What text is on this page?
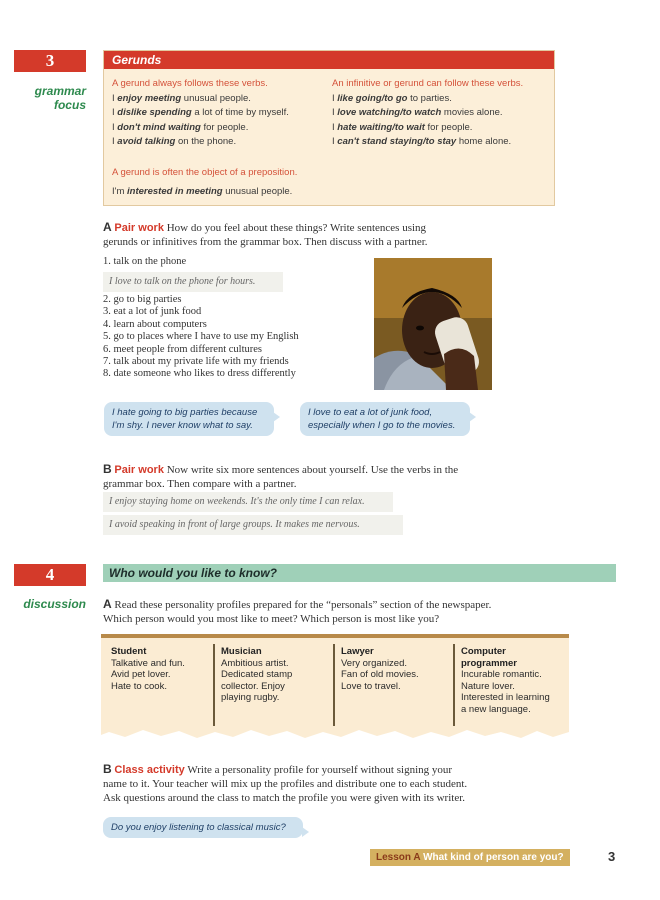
3
grammar
focus
Gerunds
A gerund always follows these verbs.
I enjoy meeting unusual people.
I dislike spending a lot of time by myself.
I don't mind waiting for people.
I avoid talking on the phone.
An infinitive or gerund can follow these verbs.
I like going/to go to parties.
I love watching/to watch movies alone.
I hate waiting/to wait for people.
I can't stand staying/to stay home alone.
A gerund is often the object of a preposition.
I'm interested in meeting unusual people.
A Pair work How do you feel about these things? Write sentences using
gerunds or infinitives from the grammar box. Then discuss with a partner.
1. talk on the phone
I love to talk on the phone for hours.
2. go to big parties
3. eat a lot of junk food
4. learn about computers
5. go to places where I have to use my English
6. meet people from different cultures
7. talk about my private life with my friends
8. date someone who likes to dress differently
I hate going to big parties because
I'm shy. I never know what to say.
I love to eat a lot of junk food,
especially when I go to the movies.
B Pair work Now write six more sentences about yourself. Use the verbs in the
grammar box. Then compare with a partner.
I enjoy staying home on weekends. It's the only time I can relax.
I avoid speaking in front of large groups. It makes me nervous.
4
discussion
Who would you like to know?
A Read these personality profiles prepared for the “personals” section of the newspaper.
Which person would you most like to meet? Which person is most like you?
Student
Talkative and fun.
Avid pet lover.
Hate to cook.
Musician
Ambitious artist.
Dedicated stamp
collector. Enjoy
playing rugby.
Lawyer
Very organized.
Fan of old movies.
Love to travel.
Computer
programmer
Incurable romantic.
Nature lover.
Interested in learning
a new language.
B Class activity Write a personality profile for yourself without signing your
name to it. Your teacher will mix up the profiles and distribute one to each student.
Ask questions around the class to match the profile you were given with its writer.
Do you enjoy listening to classical music?
Lesson A What kind of person are you?	3
